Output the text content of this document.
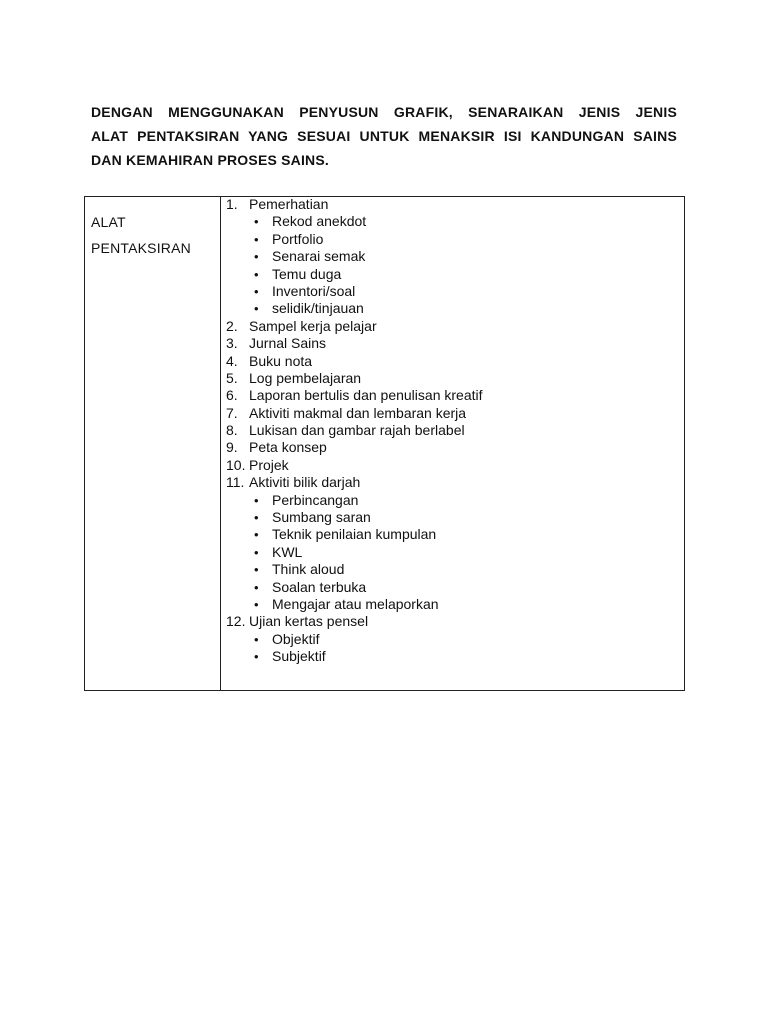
DENGAN MENGGUNAKAN PENYUSUN GRAFIK, SENARAIKAN JENIS JENIS
ALAT PENTAKSIRAN YANG SESUAI UNTUK MENAKSIR ISI KANDUNGAN SAINS
DAN KEMAHIRAN PROSES SAINS.
ALAT
PENTAKSIRAN
1. Pemerhatian
• Rekod anekdot
• Portfolio
• Senarai semak
• Temu duga
• Inventori/soal
• selidik/tinjauan
2. Sampel kerja pelajar
3. Jurnal Sains
4. Buku nota
5. Log pembelajaran
6. Laporan bertulis dan penulisan kreatif
7. Aktiviti makmal dan lembaran kerja
8. Lukisan dan gambar rajah berlabel
9. Peta konsep
10. Projek
11. Aktiviti bilik darjah
• Perbincangan
• Sumbang saran
• Teknik penilaian kumpulan
• KWL
• Think aloud
• Soalan terbuka
• Mengajar atau melaporkan
12. Ujian kertas pensel
• Objektif
• Subjektif
